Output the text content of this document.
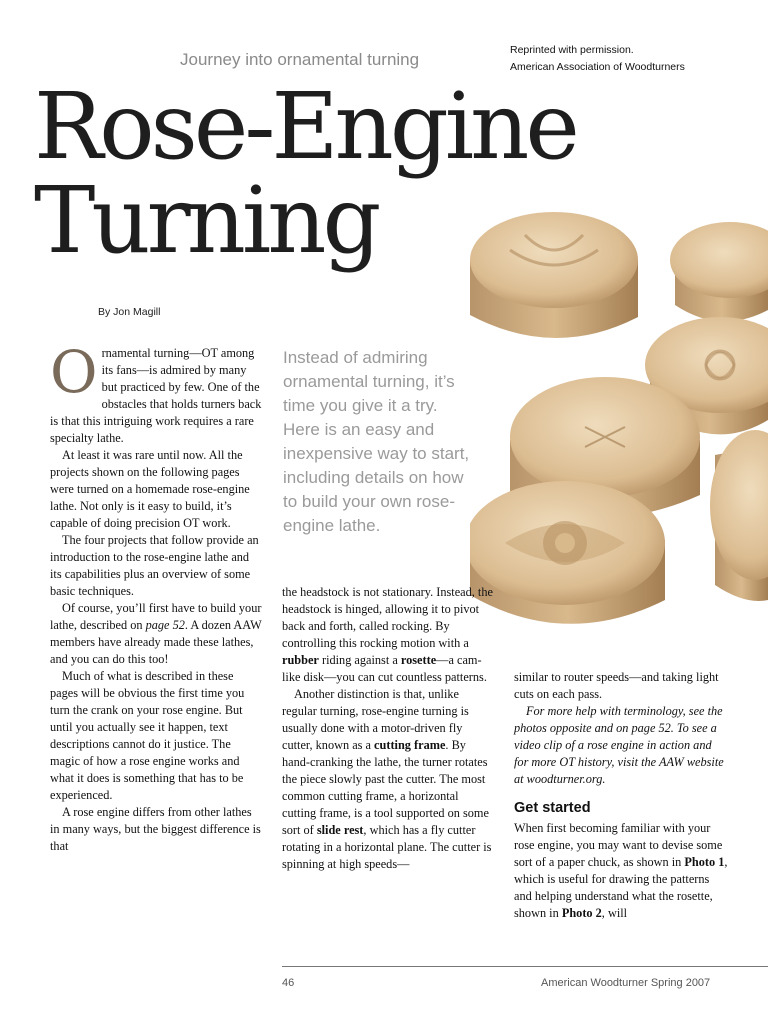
Journey into ornamental turning	Reprinted with permission.
American Association of Woodturners
Rose-Engine
Turning
By Jon Magill
Instead of admiring ornamental turning, it’s time you give it a try. Here is an easy and inexpensive way to start, including details on how to build your own rose-engine lathe.

Ornamental turning—OT among its fans—is admired by many but practiced by few. One of the obstacles that holds turners back is that this intriguing work requires a rare specialty lathe.

At least it was rare until now. All the projects shown on the following pages were turned on a homemade rose-engine lathe. Not only is it easy to build, it’s capable of doing precision OT work.

The four projects that follow provide an introduction to the rose-engine lathe and its capabilities plus an overview of some basic techniques.

Of course, you’ll first have to build your lathe, described on page 52. A dozen AAW members have already made these lathes, and you can do this too!

Much of what is described in these pages will be obvious the first time you turn the crank on your rose engine. But until you actually see it happen, text descriptions cannot do it justice. The magic of how a rose engine works and what it does is something that has to be experienced.

A rose engine differs from other lathes in many ways, but the biggest difference is that

the headstock is not stationary. Instead, the headstock is hinged, allowing it to pivot back and forth, called rocking. By controlling this rocking motion with a rubber riding against a rosette—a cam-like disk—you can cut countless patterns.

Another distinction is that, unlike regular turning, rose-engine turning is usually done with a motor-driven fly cutter, known as a cutting frame. By hand-cranking the lathe, the turner rotates the piece slowly past the cutter. The most common cutting frame, a horizontal cutting frame, is a tool supported on some sort of slide rest, which has a fly cutter rotating in a horizontal plane. The cutter is spinning at high speeds—

similar to router speeds—and taking light cuts on each pass.

For more help with terminology, see the photos opposite and on page 52. To see a video clip of a rose engine in action and for more OT history, visit the AAW website at woodturner.org.

Get started

When first becoming familiar with your rose engine, you may want to devise some sort of a paper chuck, as shown in Photo 1, which is useful for drawing the patterns and helping understand what the rosette, shown in Photo 2, will

46	American Woodturner Spring 2007
